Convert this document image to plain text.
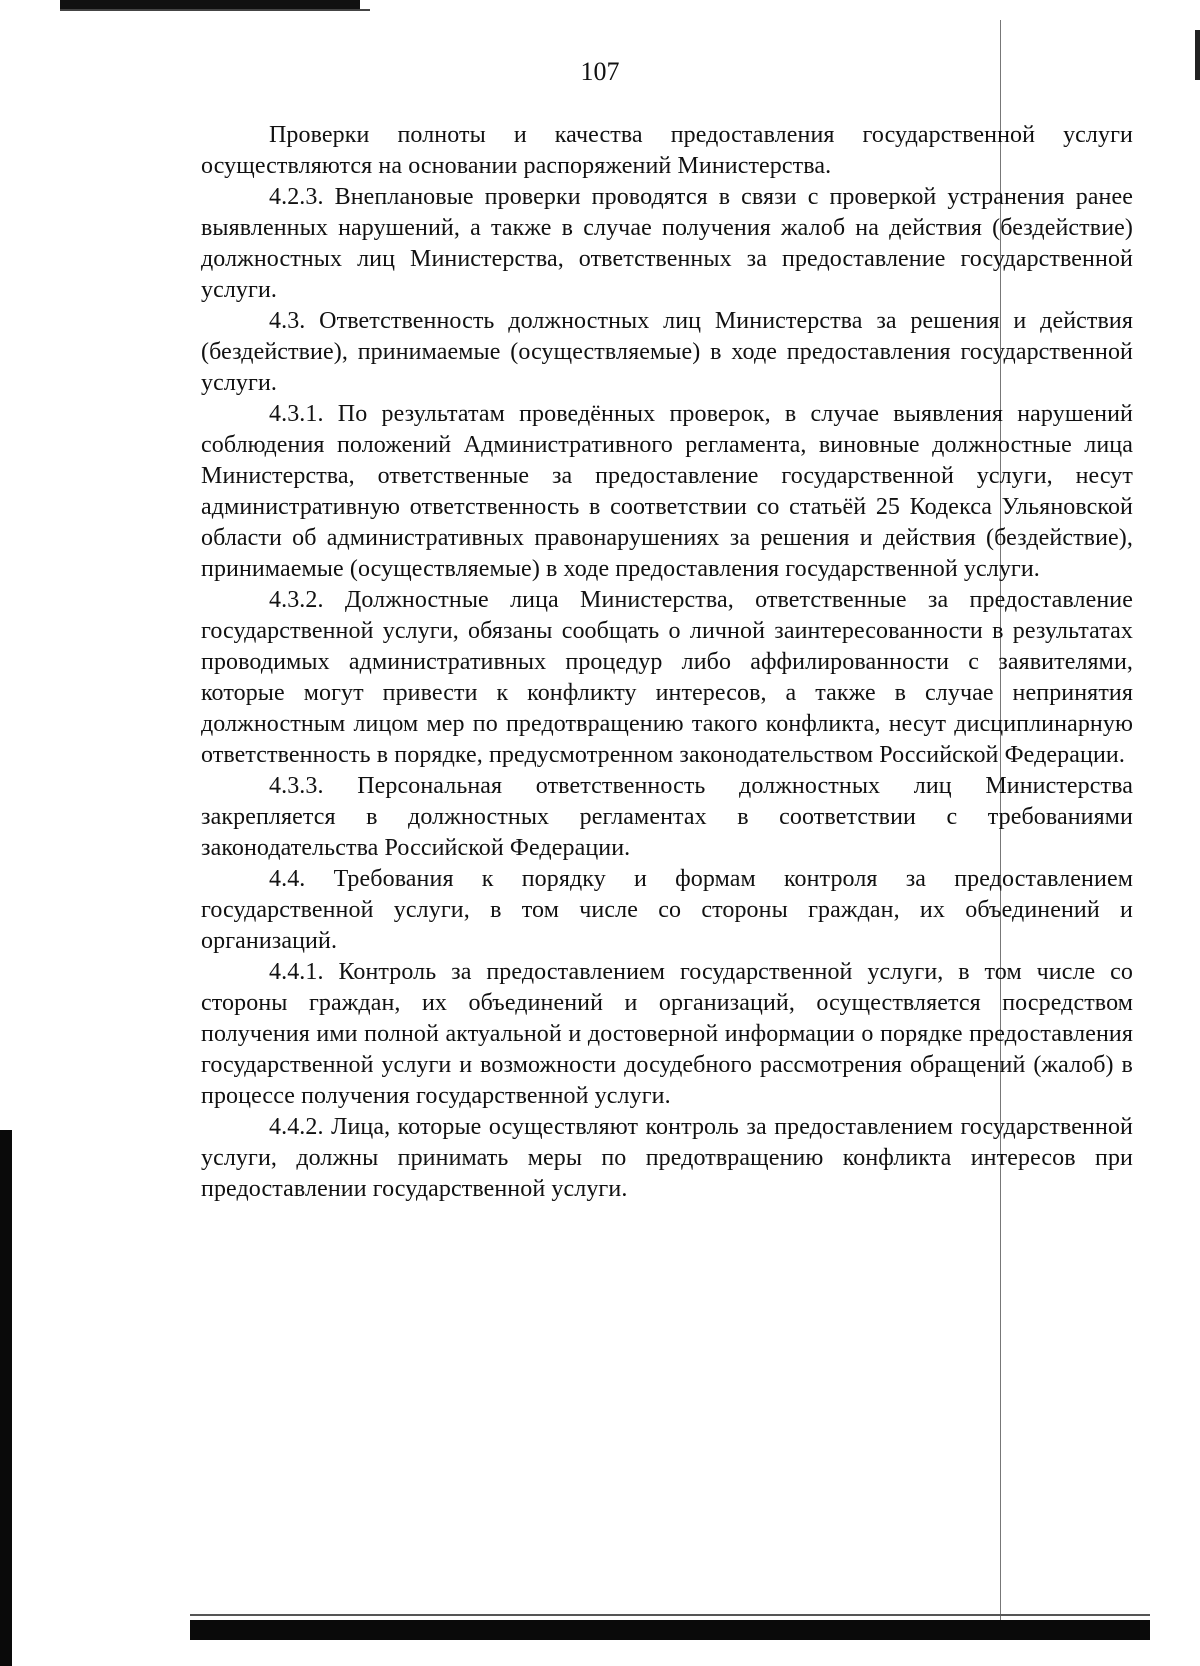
107

Проверки полноты и качества предоставления государственной услуги осуществляются на основании распоряжений Министерства.

4.2.3. Внеплановые проверки проводятся в связи с проверкой устранения ранее выявленных нарушений, а также в случае получения жалоб на действия (бездействие) должностных лиц Министерства, ответственных за предоставление государственной услуги.

4.3. Ответственность должностных лиц Министерства за решения и действия (бездействие), принимаемые (осуществляемые) в ходе предоставления государственной услуги.

4.3.1. По результатам проведённых проверок, в случае выявления нарушений соблюдения положений Административного регламента, виновные должностные лица Министерства, ответственные за предоставление государственной услуги, несут административную ответственность в соответствии со статьёй 25 Кодекса Ульяновской области об административных правонарушениях за решения и действия (бездействие), принимаемые (осуществляемые) в ходе предоставления государственной услуги.

4.3.2. Должностные лица Министерства, ответственные за предоставление государственной услуги, обязаны сообщать о личной заинтересованности в результатах проводимых административных процедур либо аффилированности с заявителями, которые могут привести к конфликту интересов, а также в случае непринятия должностным лицом мер по предотвращению такого конфликта, несут дисциплинарную ответственность в порядке, предусмотренном законодательством Российской Федерации.

4.3.3. Персональная ответственность должностных лиц Министерства закрепляется в должностных регламентах в соответствии с требованиями законодательства Российской Федерации.

4.4. Требования к порядку и формам контроля за предоставлением государственной услуги, в том числе со стороны граждан, их объединений и организаций.

4.4.1. Контроль за предоставлением государственной услуги, в том числе со стороны граждан, их объединений и организаций, осуществляется посредством получения ими полной актуальной и достоверной информации о порядке предоставления государственной услуги и возможности досудебного рассмотрения обращений (жалоб) в процессе получения государственной услуги.

4.4.2. Лица, которые осуществляют контроль за предоставлением государственной услуги, должны принимать меры по предотвращению конфликта интересов при предоставлении государственной услуги.
